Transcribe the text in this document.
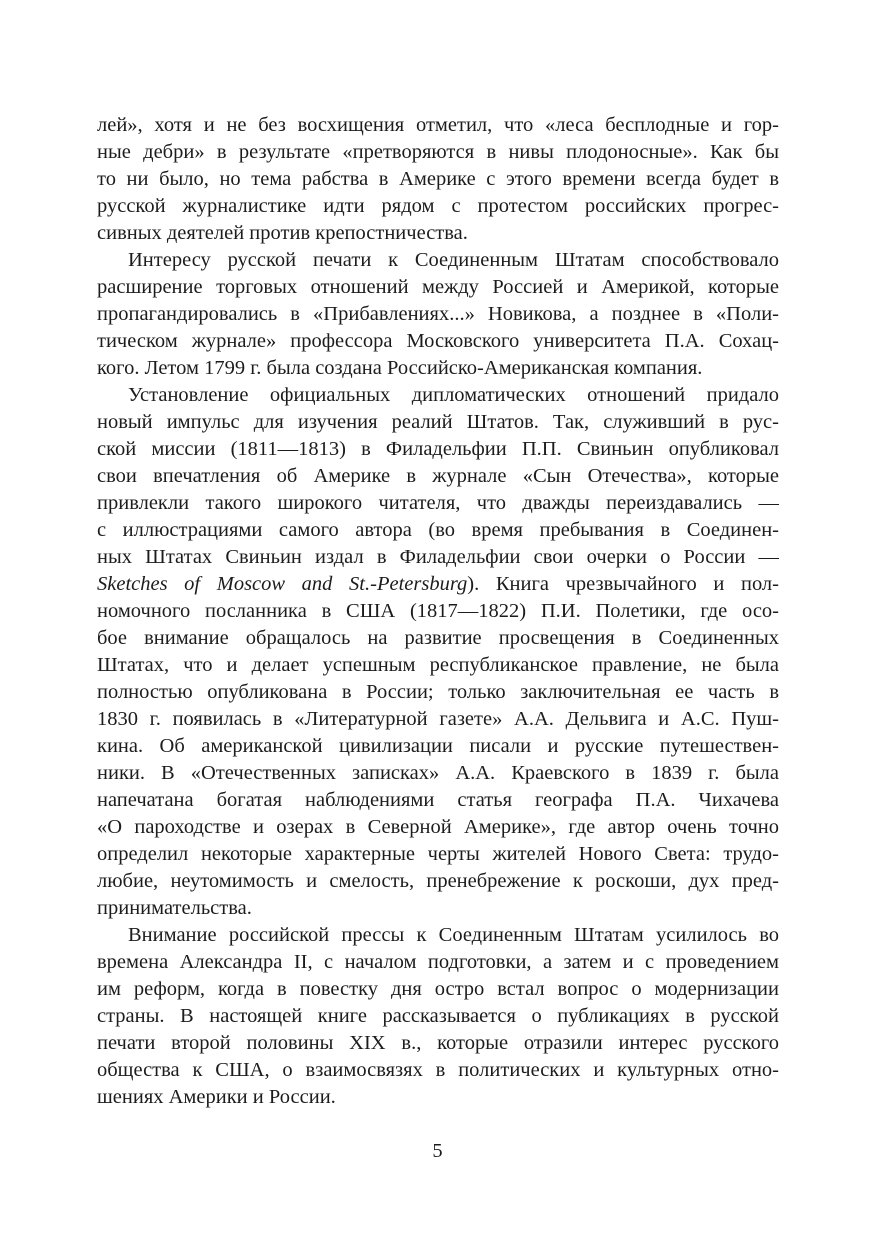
лей», хотя и не без восхищения отметил, что «леса бесплодные и гор-
ные дебри» в результате «претворяются в нивы плодоносные». Как бы
то ни было, но тема рабства в Америке с этого времени всегда будет в
русской журналистике идти рядом с протестом российских прогрес-
сивных деятелей против крепостничества.
Интересу русской печати к Соединенным Штатам способствовало
расширение торговых отношений между Россией и Америкой, которые
пропагандировались в «Прибавлениях...» Новикова, а позднее в «Поли-
тическом журнале» профессора Московского университета П.А. Сохац-
кого. Летом 1799 г. была создана Российско-Американская компания.
Установление официальных дипломатических отношений придало
новый импульс для изучения реалий Штатов. Так, служивший в рус-
ской миссии (1811—1813) в Филадельфии П.П. Свиньин опубликовал
свои впечатления об Америке в журнале «Сын Отечества», которые
привлекли такого широкого читателя, что дважды переиздавались —
с иллюстрациями самого автора (во время пребывания в Соединен-
ных Штатах Свиньин издал в Филадельфии свои очерки о России —
Sketches of Moscow and St.-Petersburg). Книга чрезвычайного и пол-
номочного посланника в США (1817—1822) П.И. Полетики, где осо-
бое внимание обращалось на развитие просвещения в Соединенных
Штатах, что и делает успешным республиканское правление, не была
полностью опубликована в России; только заключительная ее часть в
1830 г. появилась в «Литературной газете» А.А. Дельвига и А.С. Пуш-
кина. Об американской цивилизации писали и русские путешествен-
ники. В «Отечественных записках» А.А. Краевского в 1839 г. была
напечатана богатая наблюдениями статья географа П.А. Чихачева
«О пароходстве и озерах в Северной Америке», где автор очень точно
определил некоторые характерные черты жителей Нового Света: трудо-
любие, неутомимость и смелость, пренебрежение к роскоши, дух пред-
принимательства.
Внимание российской прессы к Соединенным Штатам усилилось во
времена Александра II, с началом подготовки, а затем и с проведением
им реформ, когда в повестку дня остро встал вопрос о модернизации
страны. В настоящей книге рассказывается о публикациях в русской
печати второй половины XIX в., которые отразили интерес русского
общества к США, о взаимосвязях в политических и культурных отно-
шениях Америки и России.
5
